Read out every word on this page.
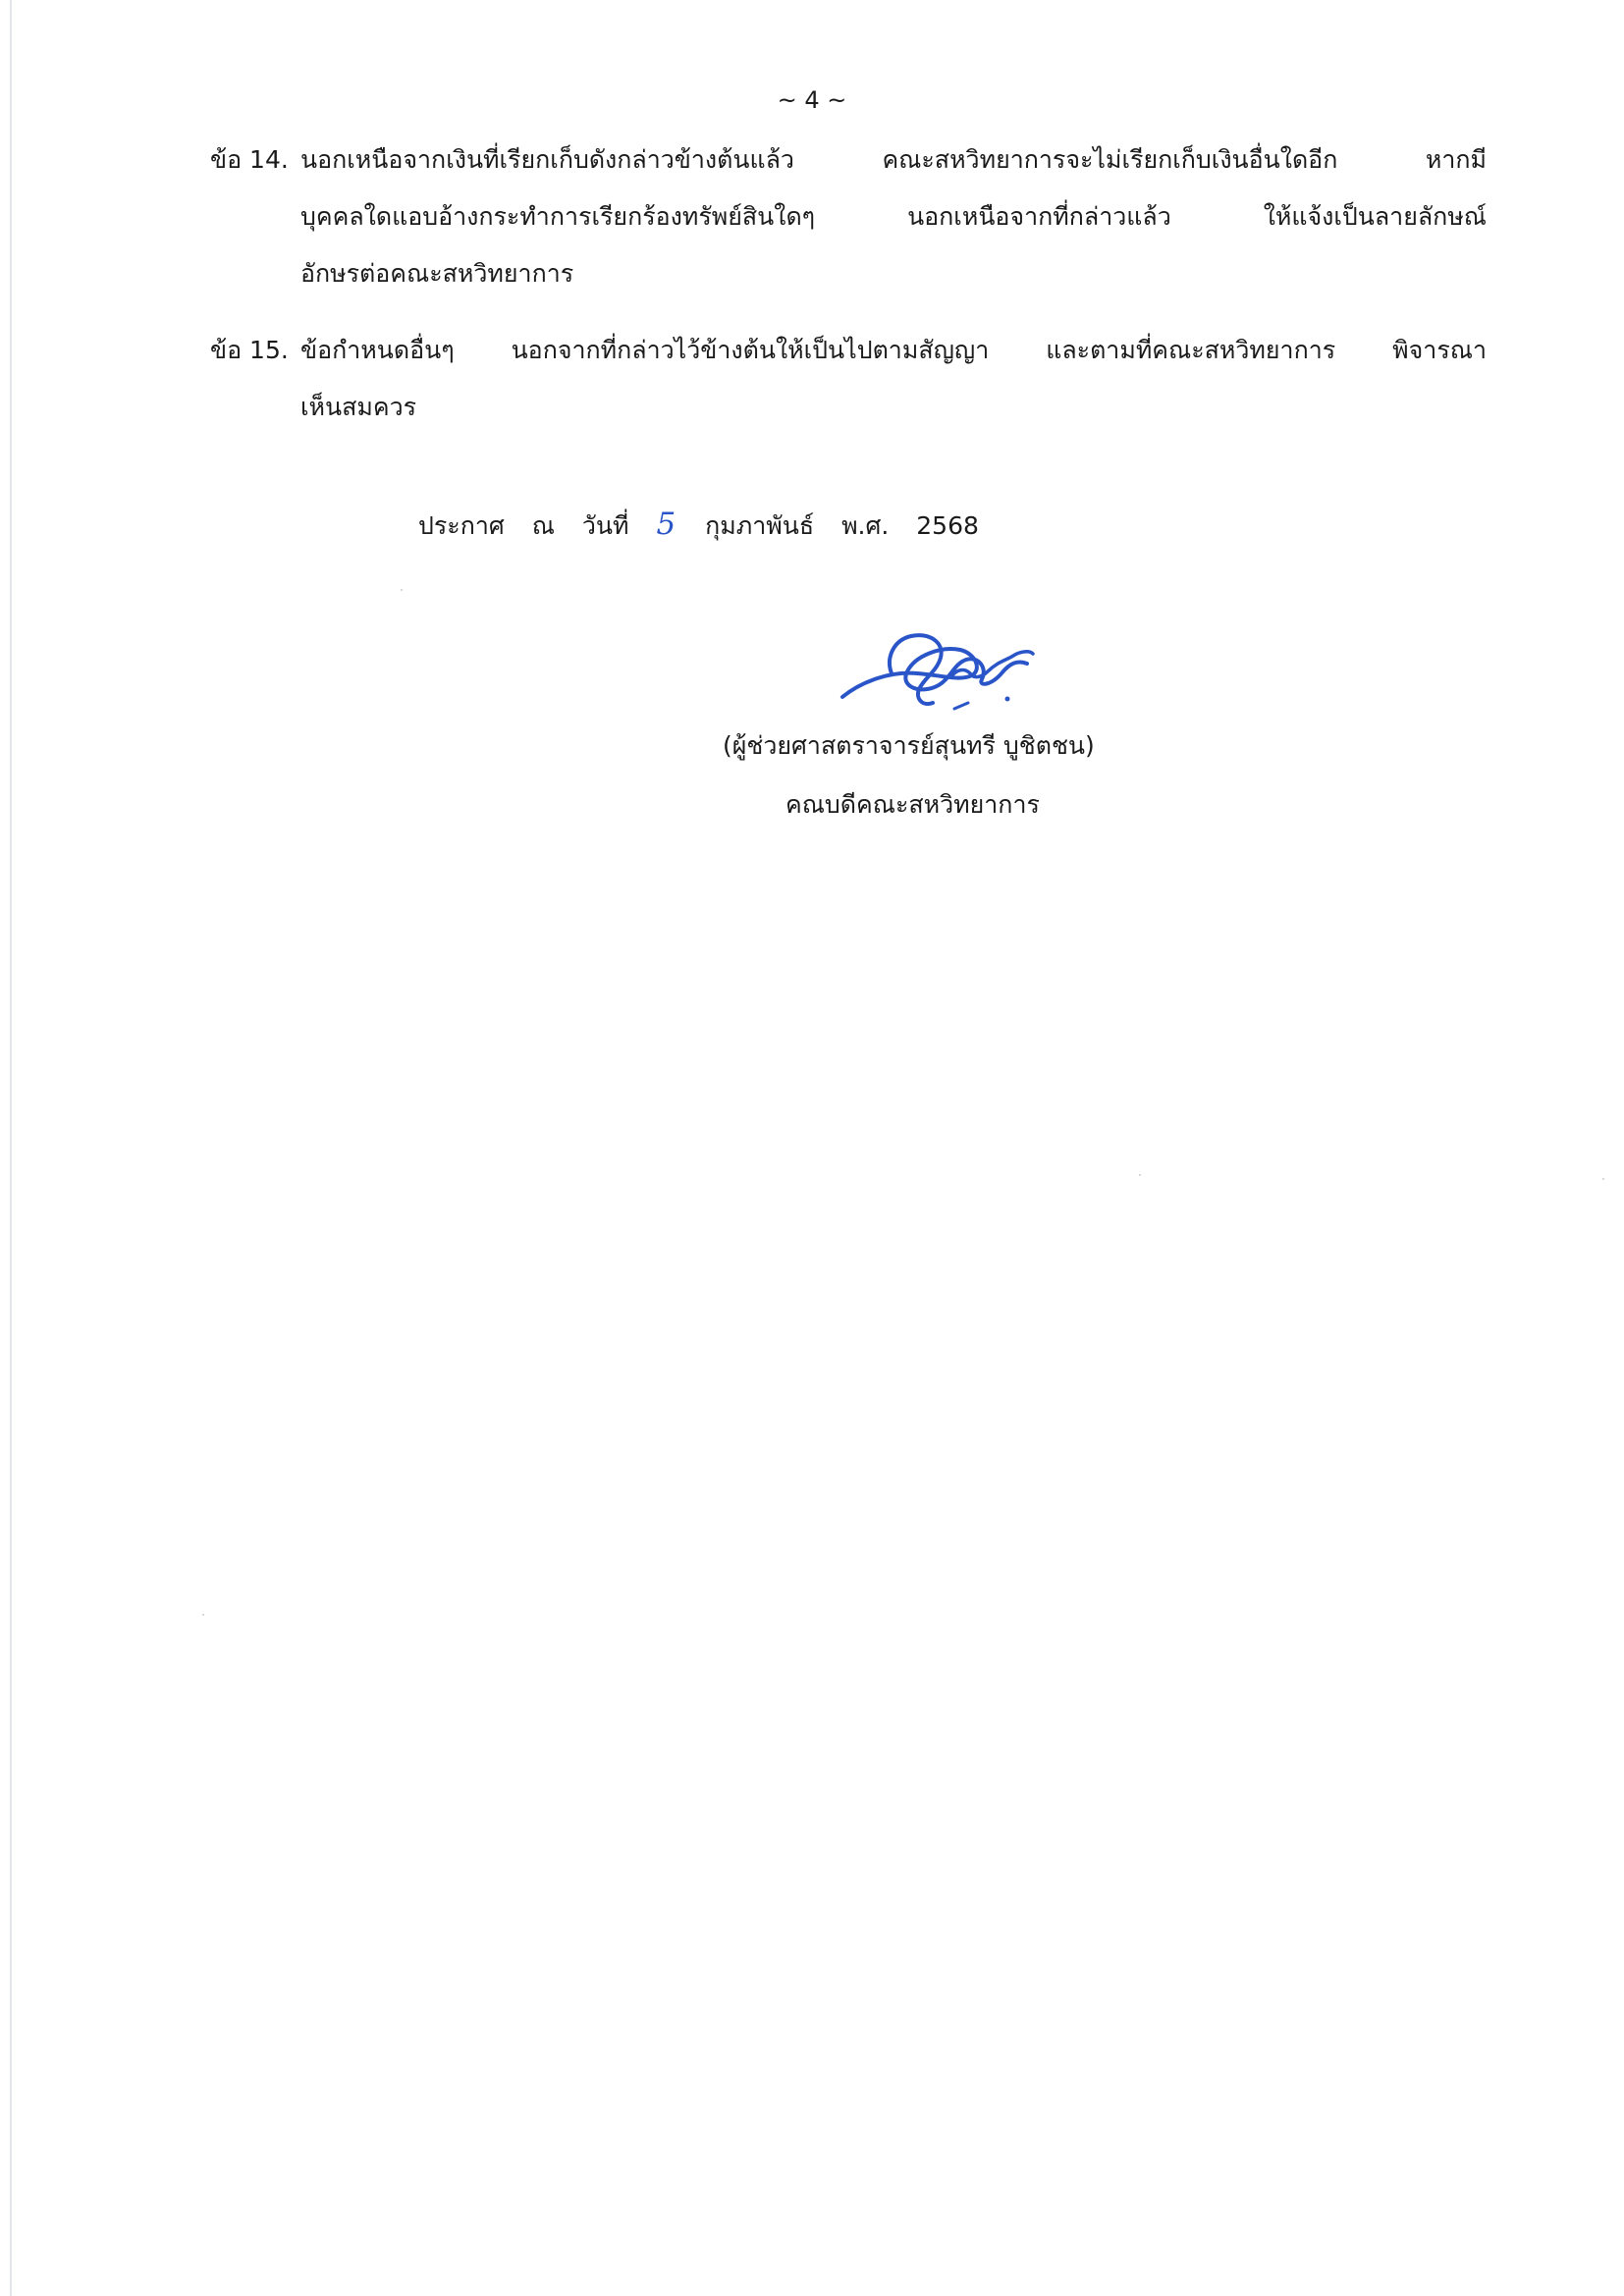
~ 4 ~
ข้อ 14. นอกเหนือจากเงินที่เรียกเก็บดังกล่าวข้างต้นแล้ว คณะสหวิทยาการจะไม่เรียกเก็บเงินอื่นใดอีก หากมี
บุคคลใดแอบอ้างกระทำการเรียกร้องทรัพย์สินใดๆ นอกเหนือจากที่กล่าวแล้ว ให้แจ้งเป็นลายลักษณ์
อักษรต่อคณะสหวิทยาการ
ข้อ 15. ข้อกำหนดอื่นๆ นอกจากที่กล่าวไว้ข้างต้นให้เป็นไปตามสัญญา และตามที่คณะสหวิทยาการ พิจารณา
เห็นสมควร
ประกาศ ณ วันที่ 5 กุมภาพันธ์ พ.ศ. 2568
(ผู้ช่วยศาสตราจารย์สุนทรี บูชิตชน)
คณบดีคณะสหวิทยาการ
